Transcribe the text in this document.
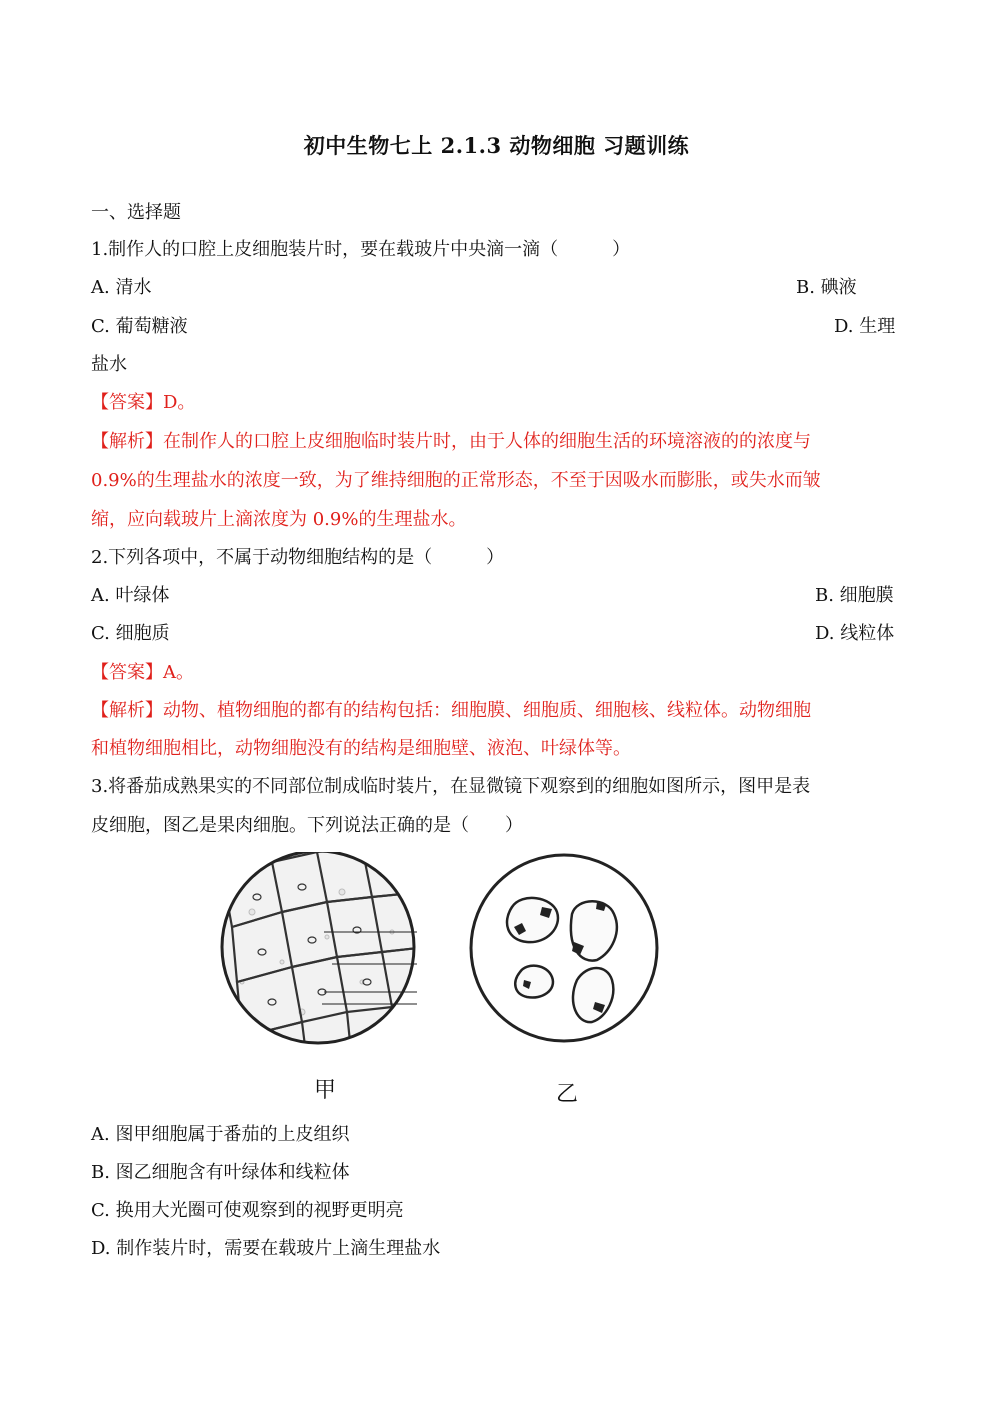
初中生物七上 2.1.3 动物细胞 习题训练
一、选择题
1.制作人的口腔上皮细胞装片时，要在载玻片中央滴一滴（　　　）
A. 清水	B. 碘液
C. 葡萄糖液	D. 生理
盐水
【答案】D。
【解析】在制作人的口腔上皮细胞临时装片时，由于人体的细胞生活的环境溶液的的浓度与
0.9%的生理盐水的浓度一致，为了维持细胞的正常形态，不至于因吸水而膨胀，或失水而皱
缩，应向载玻片上滴浓度为 0.9%的生理盐水。
2.下列各项中，不属于动物细胞结构的是（　　　）
A. 叶绿体	B. 细胞膜
C. 细胞质	D. 线粒体
【答案】A。
【解析】动物、植物细胞的都有的结构包括：细胞膜、细胞质、细胞核、线粒体。动物细胞
和植物细胞相比，动物细胞没有的结构是细胞壁、液泡、叶绿体等。
3.将番茄成熟果实的不同部位制成临时装片，在显微镜下观察到的细胞如图所示，图甲是表
皮细胞，图乙是果肉细胞。下列说法正确的是（　　）
甲	乙
A. 图甲细胞属于番茄的上皮组织
B. 图乙细胞含有叶绿体和线粒体
C. 换用大光圈可使观察到的视野更明亮
D. 制作装片时，需要在载玻片上滴生理盐水
